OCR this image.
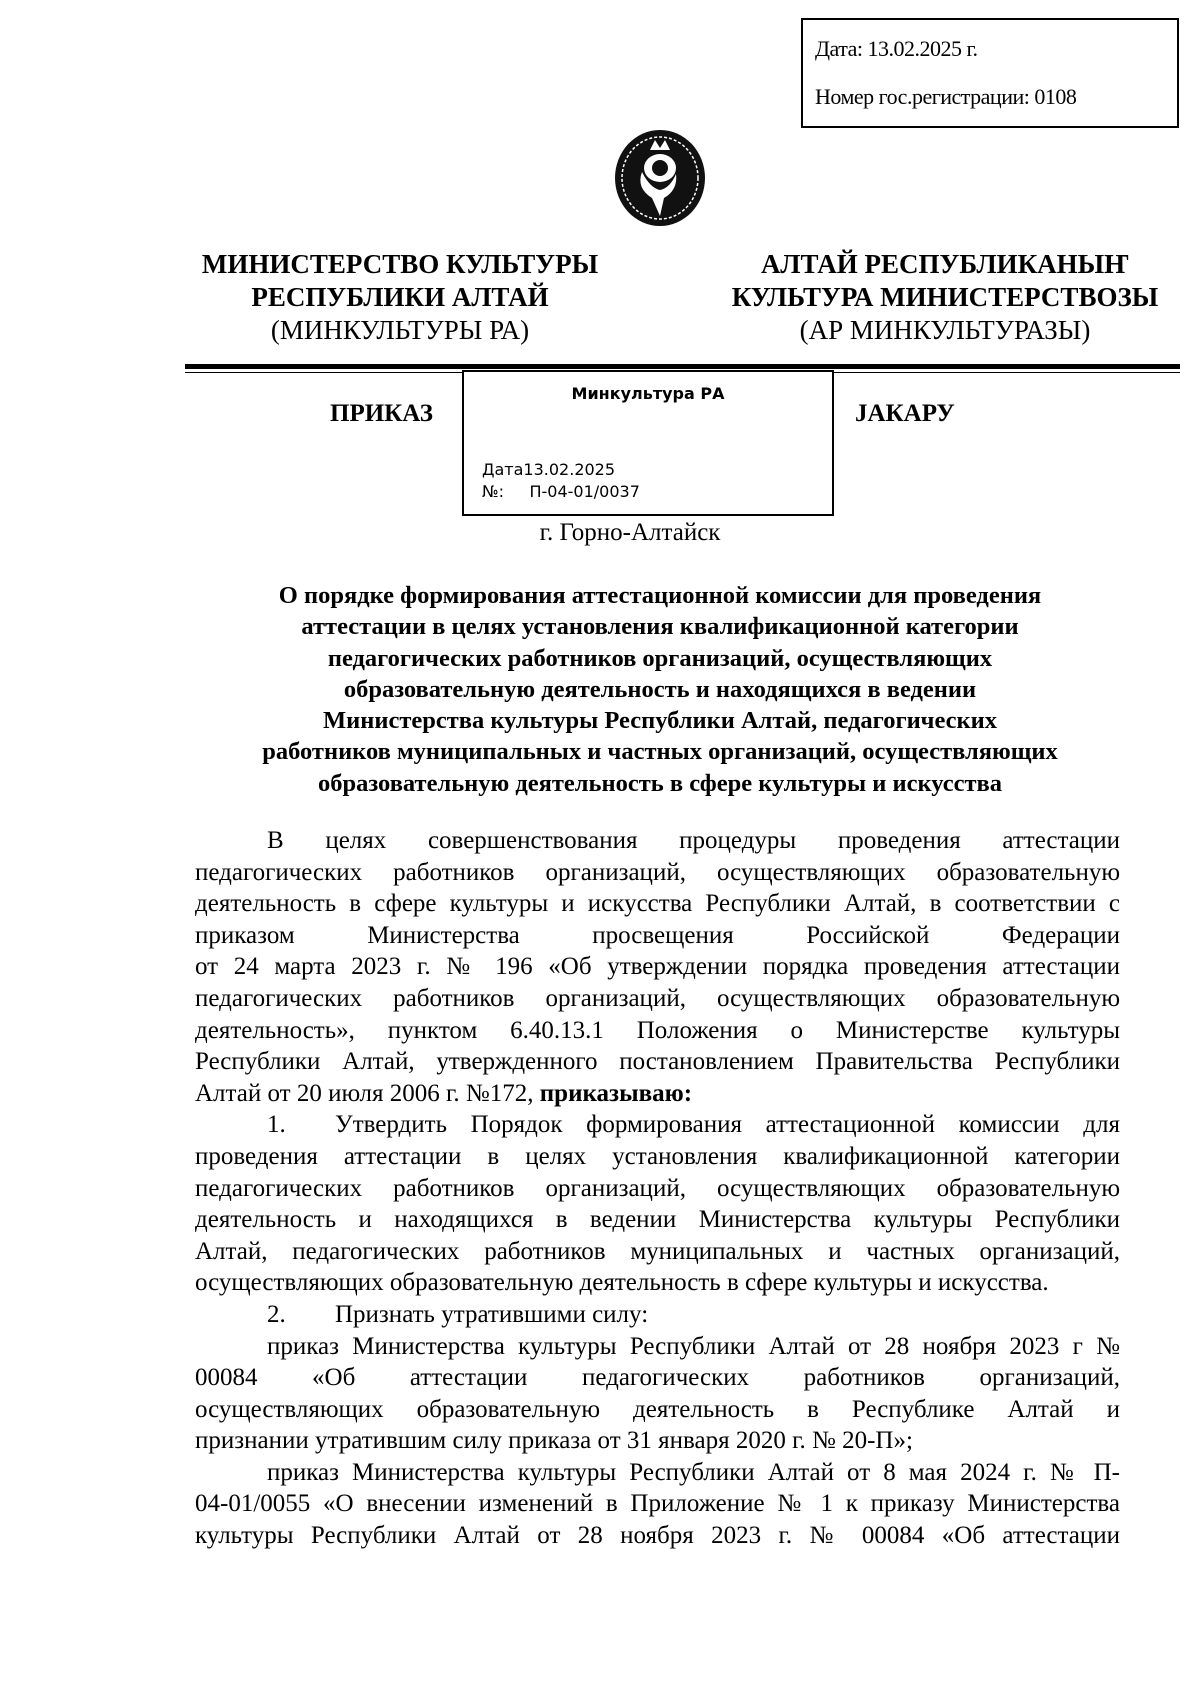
Дата: 13.02.2025 г.
Номер гос.регистрации: 0108
МИНИСТЕРСТВО КУЛЬТУРЫ
РЕСПУБЛИКИ АЛТАЙ
(МИНКУЛЬТУРЫ РА)
АЛТАЙ РЕСПУБЛИКАНЫҤ
КУЛЬТУРА МИНИСТЕРСТВОЗЫ
(АР МИНКУЛЬТУРАЗЫ)
ПРИКАЗ	ЈАКАРУ
Минкультура РА
Дата13.02.2025
№:     П-04-01/0037
г. Горно-Алтайск
О порядке формирования аттестационной комиссии для проведения
аттестации в целях установления квалификационной категории
педагогических работников организаций, осуществляющих
образовательную деятельность и находящихся в ведении
Министерства культуры Республики Алтай, педагогических
работников муниципальных и частных организаций, осуществляющих
образовательную деятельность в сфере культуры и искусства
В целях совершенствования процедуры проведения аттестации
педагогических работников организаций, осуществляющих образовательную
деятельность в сфере культуры и искусства Республики Алтай, в соответствии с
приказом Министерства просвещения Российской Федерации
от 24 марта 2023 г. № 196 «Об утверждении порядка проведения аттестации
педагогических работников организаций, осуществляющих образовательную
деятельность», пунктом 6.40.13.1 Положения о Министерстве культуры
Республики Алтай, утвержденного постановлением Правительства Республики
Алтай от 20 июля 2006 г. №172, приказываю:
1. Утвердить Порядок формирования аттестационной комиссии для
проведения аттестации в целях установления квалификационной категории
педагогических работников организаций, осуществляющих образовательную
деятельность и находящихся в ведении Министерства культуры Республики
Алтай, педагогических работников муниципальных и частных организаций,
осуществляющих образовательную деятельность в сфере культуры и искусства.
2. Признать утратившими силу:
приказ Министерства культуры Республики Алтай от 28 ноября 2023 г №
00084 «Об аттестации педагогических работников организаций,
осуществляющих образовательную деятельность в Республике Алтай и
признании утратившим силу приказа от 31 января 2020 г. № 20-П»;
приказ Министерства культуры Республики Алтай от 8 мая 2024 г. № П-
04-01/0055 «О внесении изменений в Приложение № 1 к приказу Министерства
культуры Республики Алтай от 28 ноября 2023 г. № 00084 «Об аттестации
